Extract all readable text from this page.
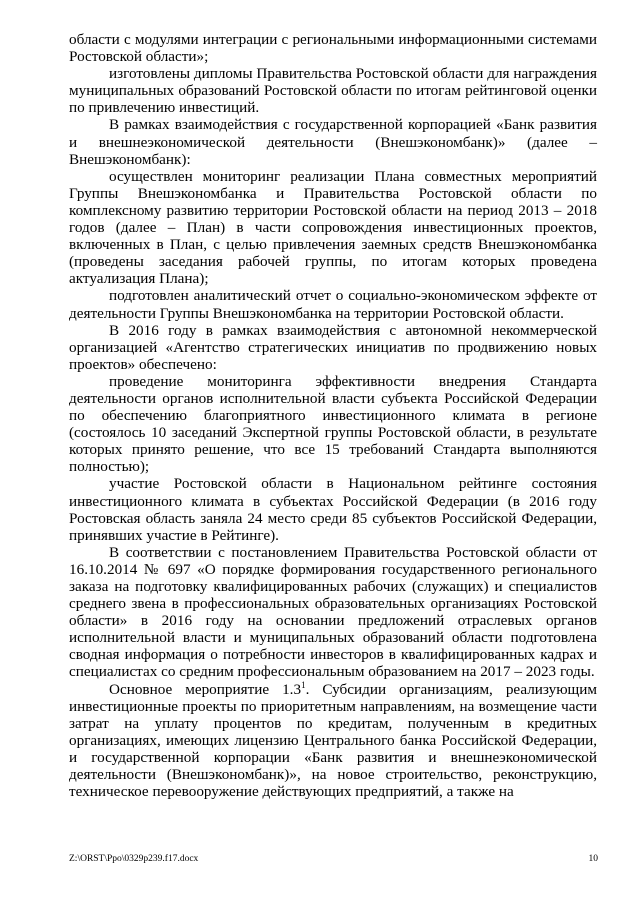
области с модулями интеграции с региональными информационными системами Ростовской области»;

изготовлены дипломы Правительства Ростовской области для награждения муниципальных образований Ростовской области по итогам рейтинговой оценки по привлечению инвестиций.

В рамках взаимодействия с государственной корпорацией «Банк развития и внешнеэкономической деятельности (Внешэкономбанк)» (далее – Внешэкономбанк):

осуществлен мониторинг реализации Плана совместных мероприятий Группы Внешэкономбанка и Правительства Ростовской области по комплексному развитию территории Ростовской области на период 2013 – 2018 годов (далее – План) в части сопровождения инвестиционных проектов, включенных в План, с целью привлечения заемных средств Внешэкономбанка (проведены заседания рабочей группы, по итогам которых проведена актуализация Плана);

подготовлен аналитический отчет о социально-экономическом эффекте от деятельности Группы Внешэкономбанка на территории Ростовской области.

В 2016 году в рамках взаимодействия с автономной некоммерческой организацией «Агентство стратегических инициатив по продвижению новых проектов» обеспечено:

проведение мониторинга эффективности внедрения Стандарта деятельности органов исполнительной власти субъекта Российской Федерации по обеспечению благоприятного инвестиционного климата в регионе (состоялось 10 заседаний Экспертной группы Ростовской области, в результате которых принято решение, что все 15 требований Стандарта выполняются полностью);

участие Ростовской области в Национальном рейтинге состояния инвестиционного климата в субъектах Российской Федерации (в 2016 году Ростовская область заняла 24 место среди 85 субъектов Российской Федерации, принявших участие в Рейтинге).

В соответствии с постановлением Правительства Ростовской области от 16.10.2014 № 697 «О порядке формирования государственного регионального заказа на подготовку квалифицированных рабочих (служащих) и специалистов среднего звена в профессиональных образовательных организациях Ростовской области» в 2016 году на основании предложений отраслевых органов исполнительной власти и муниципальных образований области подготовлена сводная информация о потребности инвесторов в квалифицированных кадрах и специалистах со средним профессиональным образованием на 2017 – 2023 годы.

Основное мероприятие $1.3^1$. Субсидии организациям, реализующим инвестиционные проекты по приоритетным направлениям, на возмещение части затрат на уплату процентов по кредитам, полученным в кредитных организациях, имеющих лицензию Центрального банка Российской Федерации, и государственной корпорации «Банк развития и внешнеэкономической деятельности (Внешэкономбанк)», на новое строительство, реконструкцию, техническое перевооружение действующих предприятий, а также на

Z:\ORST\Ppo\0329p239.f17.docx	10
